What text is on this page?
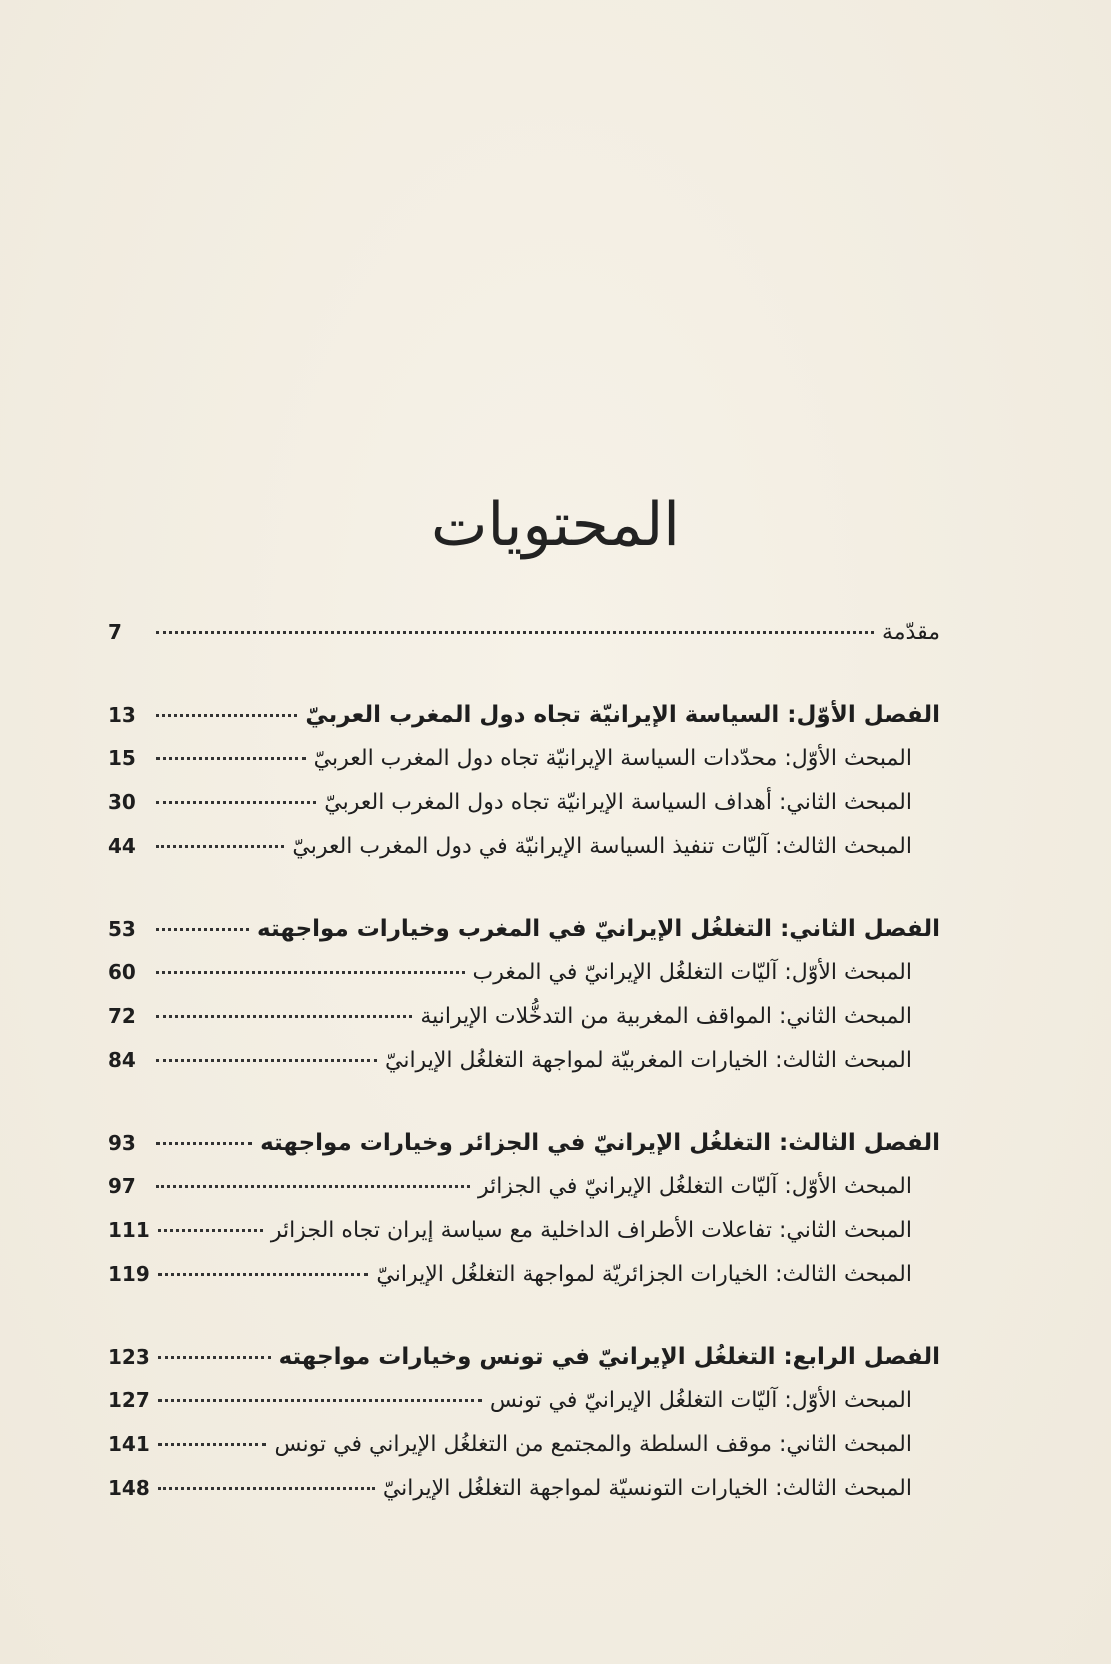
المحتويات
مقدّمة
7
الفصل الأوّل: السياسة الإيرانيّة تجاه دول المغرب العربيّ
13
المبحث الأوّل: محدّدات السياسة الإيرانيّة تجاه دول المغرب العربيّ
15
المبحث الثاني: أهداف السياسة الإيرانيّة تجاه دول المغرب العربيّ
30
المبحث الثالث: آليّات تنفيذ السياسة الإيرانيّة في دول المغرب العربيّ
44
الفصل الثاني: التغلغُل الإيرانيّ في المغرب وخيارات مواجهته
53
المبحث الأوّل: آليّات التغلغُل الإيرانيّ في المغرب
60
المبحث الثاني: المواقف المغربية من التدخُّلات الإيرانية
72
المبحث الثالث: الخيارات المغربيّة لمواجهة التغلغُل الإيرانيّ
84
الفصل الثالث: التغلغُل الإيرانيّ في الجزائر وخيارات مواجهته
93
المبحث الأوّل: آليّات التغلغُل الإيرانيّ في الجزائر
97
المبحث الثاني: تفاعلات الأطراف الداخلية مع سياسة إيران تجاه الجزائر
111
المبحث الثالث: الخيارات الجزائريّة لمواجهة التغلغُل الإيرانيّ
119
الفصل الرابع: التغلغُل الإيرانيّ في تونس وخيارات مواجهته
123
المبحث الأوّل: آليّات التغلغُل الإيرانيّ في تونس
127
المبحث الثاني: موقف السلطة والمجتمع من التغلغُل الإيراني في تونس
141
المبحث الثالث: الخيارات التونسيّة لمواجهة التغلغُل الإيرانيّ
148
